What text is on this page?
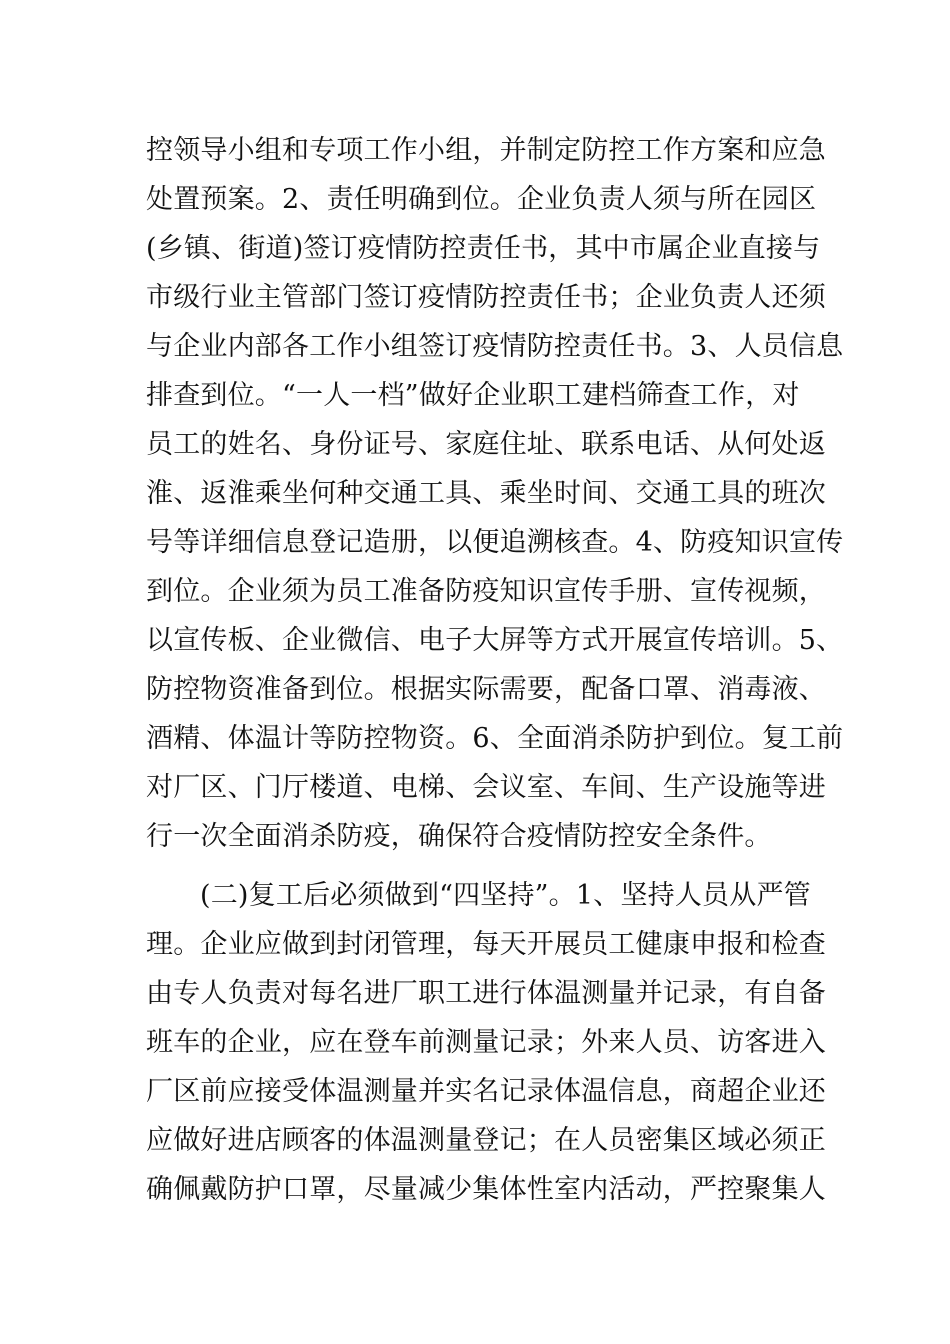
控领导小组和专项工作小组，并制定防控工作方案和应急
处置预案。2、责任明确到位。企业负责人须与所在园区
(乡镇、街道)签订疫情防控责任书，其中市属企业直接与
市级行业主管部门签订疫情防控责任书；企业负责人还须
与企业内部各工作小组签订疫情防控责任书。3、人员信息
排查到位。“一人一档”做好企业职工建档筛查工作，对
员工的姓名、身份证号、家庭住址、联系电话、从何处返
淮、返淮乘坐何种交通工具、乘坐时间、交通工具的班次
号等详细信息登记造册，以便追溯核查。4、防疫知识宣传
到位。企业须为员工准备防疫知识宣传手册、宣传视频，
以宣传板、企业微信、电子大屏等方式开展宣传培训。5、
防控物资准备到位。根据实际需要，配备口罩、消毒液、
酒精、体温计等防控物资。6、全面消杀防护到位。复工前
对厂区、门厅楼道、电梯、会议室、车间、生产设施等进
行一次全面消杀防疫，确保符合疫情防控安全条件。
(二)复工后必须做到“四坚持”。1、坚持人员从严管
理。企业应做到封闭管理，每天开展员工健康申报和检查
由专人负责对每名进厂职工进行体温测量并记录，有自备
班车的企业，应在登车前测量记录；外来人员、访客进入
厂区前应接受体温测量并实名记录体温信息，商超企业还
应做好进店顾客的体温测量登记；在人员密集区域必须正
确佩戴防护口罩，尽量减少集体性室内活动，严控聚集人
